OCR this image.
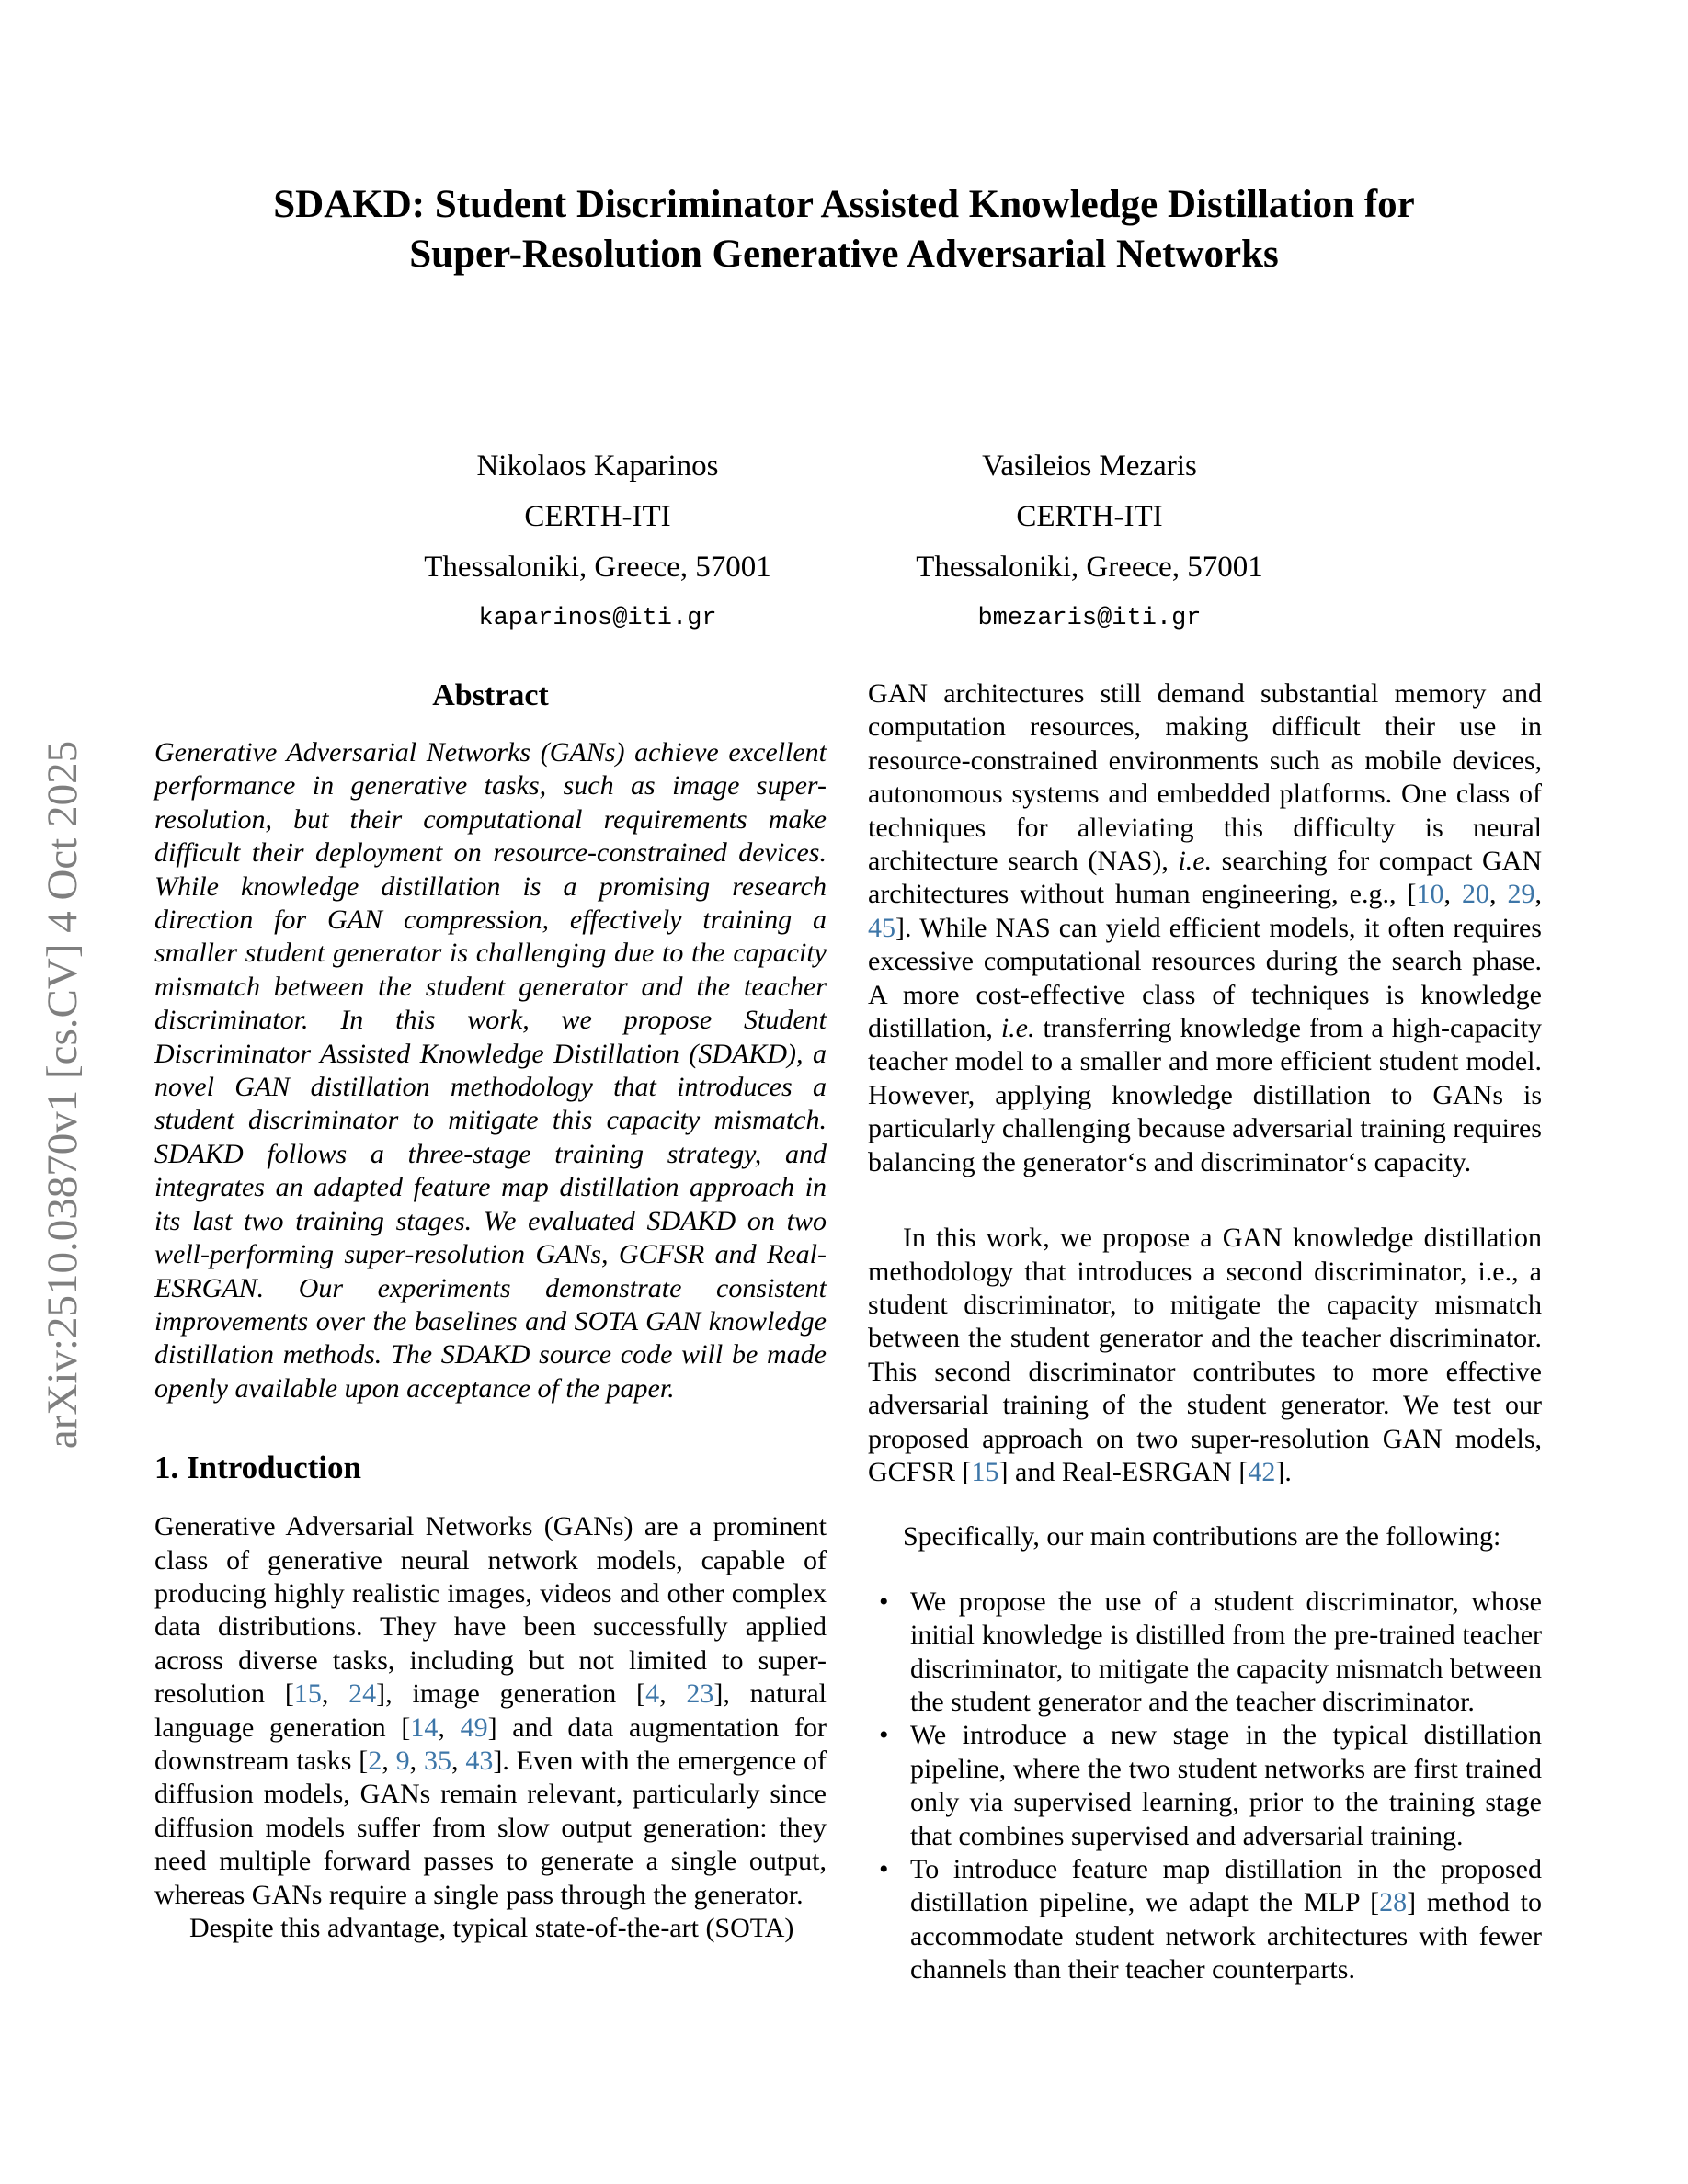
arXiv:2510.03870v1 [cs.CV] 4 Oct 2025
SDAKD: Student Discriminator Assisted Knowledge Distillation for
Super-Resolution Generative Adversarial Networks
Nikolaos Kaparinos
CERTH-ITI
Thessaloniki, Greece, 57001
kaparinos@iti.gr
Vasileios Mezaris
CERTH-ITI
Thessaloniki, Greece, 57001
bmezaris@iti.gr
Abstract

Generative Adversarial Networks (GANs) achieve excellent performance in generative tasks, such as image super-resolution, but their computational requirements make difficult their deployment on resource-constrained devices. While knowledge distillation is a promising research direction for GAN compression, effectively training a smaller student generator is challenging due to the capacity mismatch between the student generator and the teacher discriminator. In this work, we propose Student Discriminator Assisted Knowledge Distillation (SDAKD), a novel GAN distillation methodology that introduces a student discriminator to mitigate this capacity mismatch. SDAKD follows a three-stage training strategy, and integrates an adapted feature map distillation approach in its last two training stages. We evaluated SDAKD on two well-performing super-resolution GANs, GCFSR and Real-ESRGAN. Our experiments demonstrate consistent improvements over the baselines and SOTA GAN knowledge distillation methods. The SDAKD source code will be made openly available upon acceptance of the paper.

1. Introduction

Generative Adversarial Networks (GANs) are a prominent class of generative neural network models, capable of producing highly realistic images, videos and other complex data distributions. They have been successfully applied across diverse tasks, including but not limited to super-resolution [15, 24], image generation [4, 23], natural language generation [14, 49] and data augmentation for downstream tasks [2, 9, 35, 43]. Even with the emergence of diffusion models, GANs remain relevant, particularly since diffusion models suffer from slow output generation: they need multiple forward passes to generate a single output, whereas GANs require a single pass through the generator.

Despite this advantage, typical state-of-the-art (SOTA)

GAN architectures still demand substantial memory and computation resources, making difficult their use in resource-constrained environments such as mobile devices, autonomous systems and embedded platforms. One class of techniques for alleviating this difficulty is neural architecture search (NAS), i.e. searching for compact GAN architectures without human engineering, e.g., [10, 20, 29, 45]. While NAS can yield efficient models, it often requires excessive computational resources during the search phase. A more cost-effective class of techniques is knowledge distillation, i.e. transferring knowledge from a high-capacity teacher model to a smaller and more efficient student model. However, applying knowledge distillation to GANs is particularly challenging because adversarial training requires balancing the generator‘s and discriminator‘s capacity.

In this work, we propose a GAN knowledge distillation methodology that introduces a second discriminator, i.e., a student discriminator, to mitigate the capacity mismatch between the student generator and the teacher discriminator. This second discriminator contributes to more effective adversarial training of the student generator. We test our proposed approach on two super-resolution GAN models, GCFSR [15] and Real-ESRGAN [42].

Specifically, our main contributions are the following:

• We propose the use of a student discriminator, whose initial knowledge is distilled from the pre-trained teacher discriminator, to mitigate the capacity mismatch between the student generator and the teacher discriminator.
• We introduce a new stage in the typical distillation pipeline, where the two student networks are first trained only via supervised learning, prior to the training stage that combines supervised and adversarial training.
• To introduce feature map distillation in the proposed distillation pipeline, we adapt the MLP [28] method to accommodate student network architectures with fewer channels than their teacher counterparts.
